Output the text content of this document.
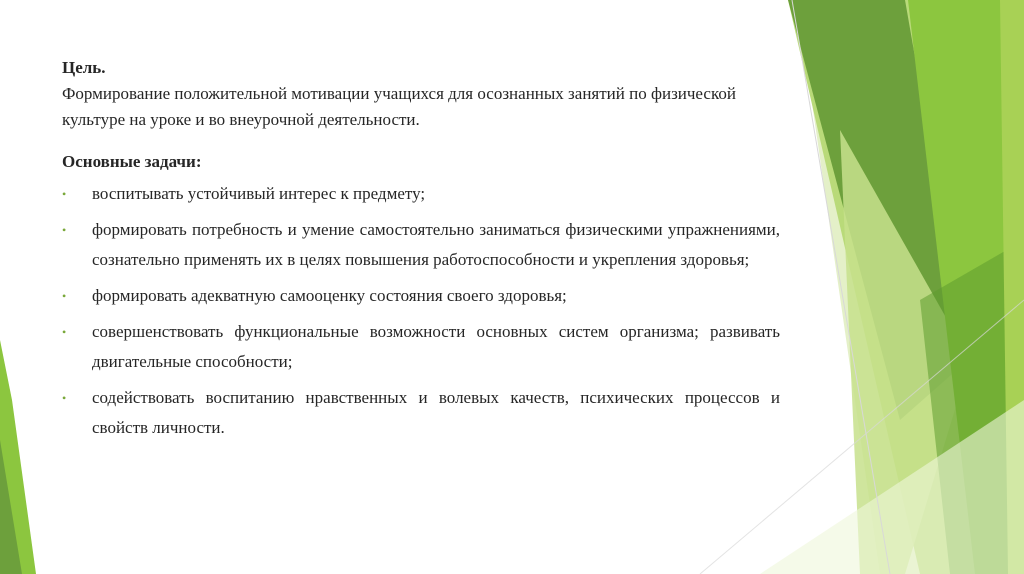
Цель.

Формирование положительной мотивации учащихся для осознанных занятий по физической культуре на уроке и во внеурочной деятельности.

Основные задачи:

• воспитывать устойчивый интерес к предмету;
• формировать потребность и умение самостоятельно заниматься физическими упражнениями, сознательно применять их в целях повышения работоспособности и укрепления здоровья;
• формировать адекватную самооценку состояния своего здоровья;
• совершенствовать функциональные возможности основных систем организма; развивать двигательные способности;
• содействовать воспитанию нравственных и волевых качеств, психических процессов и свойств личности.
